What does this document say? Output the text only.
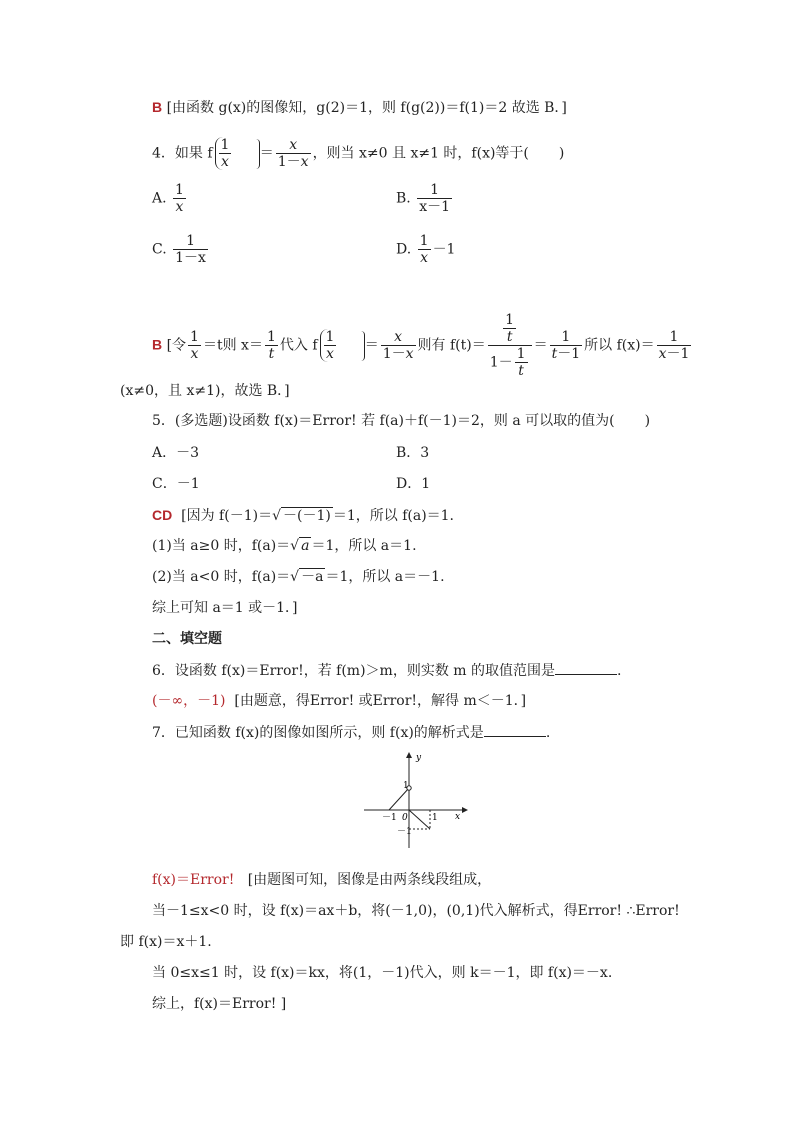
B [由函数 g(x)的图像知，g(2)＝1，则 f(g(2))＝f(1)＝2 故选 B．]
4．如果 f $\frac{1}{x} = \frac{x}{1-x}$ ，则当 x≠0 且 x≠1 时，f(x)等于( )
A. $\frac{1}{x}$	B. $\frac{1}{x-1}$
C. $\frac{1}{1-x}$	D. $\frac{1}{x} -1$
B [令 $\frac{1}{x} =t$则 $x= \frac{1}{t}$ 代入 f $\frac{1}{x} = \frac{x}{1-x}$ 则有 $f(t)= \frac{\frac{1}{t}}{1- \frac{1}{t}} = \frac{1}{t-1}$ 所以 $f(x)= \frac{1}{x-1}$
(x≠0，且 x≠1)，故选 B．]
5．(多选题)设函数 f(x)＝Error! 若 f(a)＋f(－1)＝2，则 a 可以取的值为( )
A．－3	B．3
C．－1	D．1
CD [因为 f(－1)＝√ －(－1) ＝1，所以 f(a)＝1.
(1)当 a≥0 时，f(a)＝√ a ＝1，所以 a＝1.
(2)当 a<0 时，f(a)＝√ －a ＝1，所以 a＝－1.
综上可知 a＝1 或－1．]
二、填空题
6．设函数 f(x)＝Error!，若 f(m)＞m，则实数 m 的取值范围是	.
(－∞，－1) [由题意，得Error! 或Error!，解得 m＜－1．]
7．已知函数 f(x)的图像如图所示，则 f(x)的解析式是	.
y
x
0
1
－1	1
－1
f(x)＝Error! [由题图可知，图像是由两条线段组成，
当－1≤x<0 时，设 f(x)＝ax＋b，将(－1,0)，(0,1)代入解析式，得Error! ∴Error!
即 f(x)＝x＋1.
当 0≤x≤1 时，设 f(x)＝kx，将(1，－1)代入，则 k＝－1，即 f(x)＝－x.
综上，f(x)＝Error! ]
